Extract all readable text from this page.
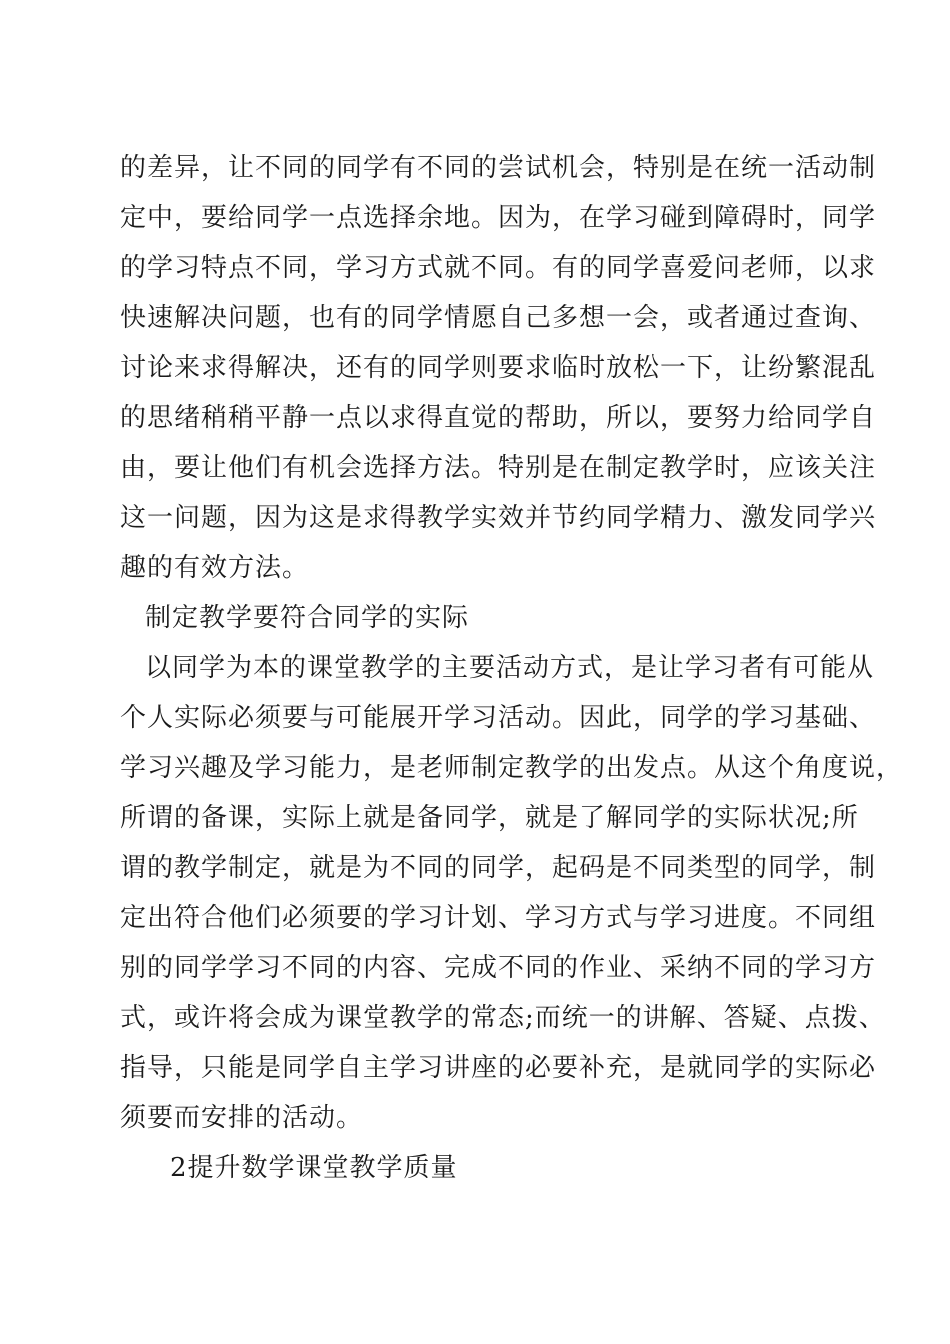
的差异，让不同的同学有不同的尝试机会，特别是在统一活动制
定中，要给同学一点选择余地。因为，在学习碰到障碍时，同学
的学习特点不同，学习方式就不同。有的同学喜爱问老师，以求
快速解决问题，也有的同学情愿自己多想一会，或者通过查询、
讨论来求得解决，还有的同学则要求临时放松一下，让纷繁混乱
的思绪稍稍平静一点以求得直觉的帮助，所以，要努力给同学自
由，要让他们有机会选择方法。特别是在制定教学时，应该关注
这一问题，因为这是求得教学实效并节约同学精力、激发同学兴
趣的有效方法。
制定教学要符合同学的实际
以同学为本的课堂教学的主要活动方式，是让学习者有可能从
个人实际必须要与可能展开学习活动。因此，同学的学习基础、
学习兴趣及学习能力，是老师制定教学的出发点。从这个角度说，
所谓的备课，实际上就是备同学，就是了解同学的实际状况;所
谓的教学制定，就是为不同的同学，起码是不同类型的同学，制
定出符合他们必须要的学习计划、学习方式与学习进度。不同组
别的同学学习不同的内容、完成不同的作业、采纳不同的学习方
式，或许将会成为课堂教学的常态;而统一的讲解、答疑、点拨、
指导，只能是同学自主学习讲座的必要补充，是就同学的实际必
须要而安排的活动。
2提升数学课堂教学质量
